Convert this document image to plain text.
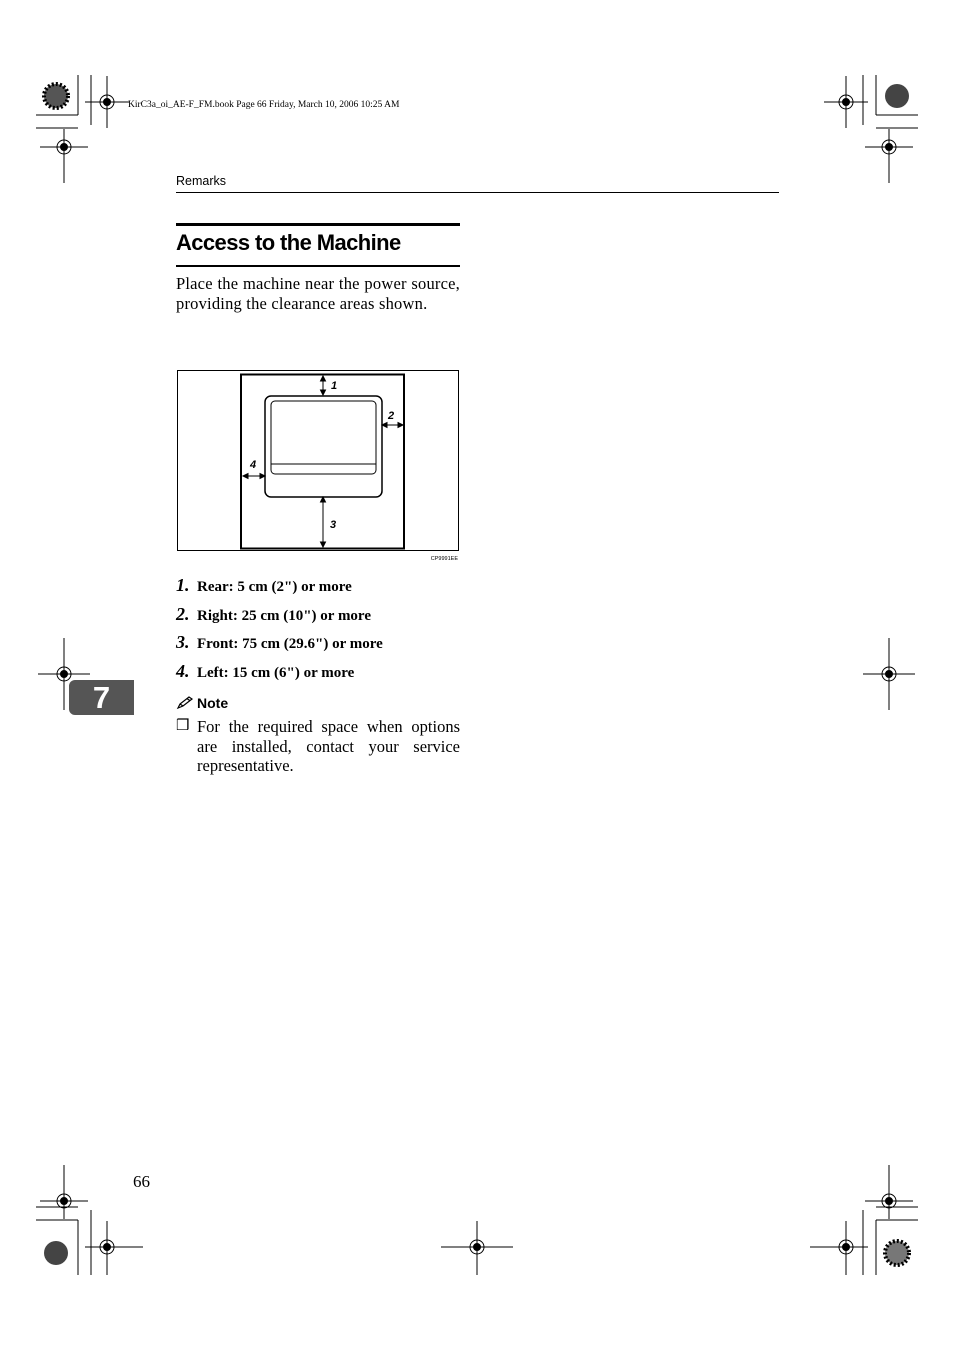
KirC3a_oi_AE-F_FM.book Page 66 Friday, March 10, 2006 10:25 AM
Remarks
Access to the Machine
Place the machine near the power source, providing the clearance areas shown.
1
2
3
4
CP9991EE
1. Rear: 5 cm (2") or more
2. Right: 25 cm (10") or more
3. Front: 75 cm (29.6") or more
4. Left: 15 cm (6") or more
7	Note
❒ For the required space when options are installed, contact your service representative.
66
